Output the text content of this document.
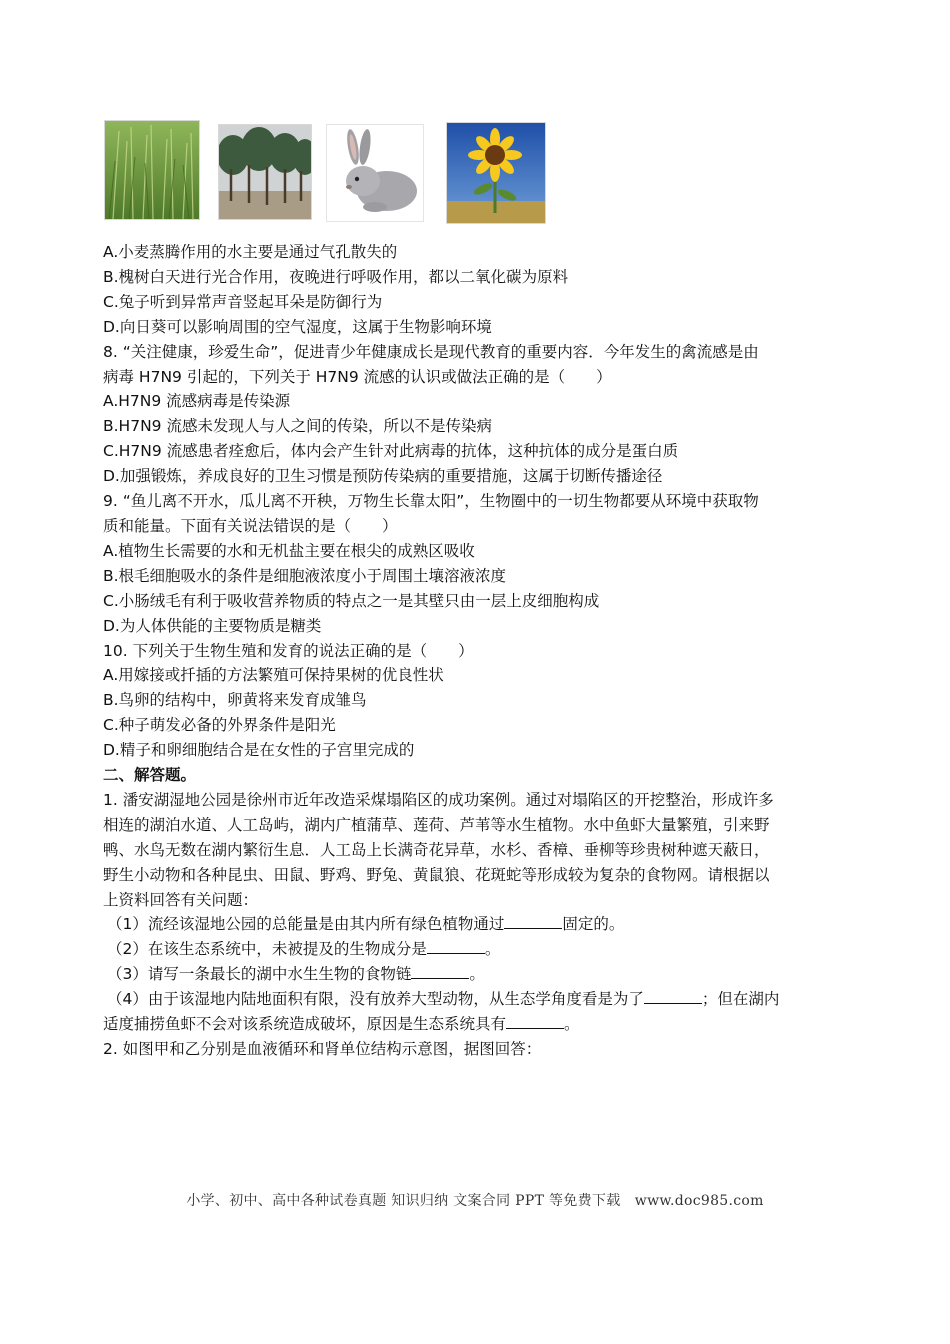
A.小麦蒸腾作用的水主要是通过气孔散失的
B.槐树白天进行光合作用，夜晚进行呼吸作用，都以二氧化碳为原料
C.兔子听到异常声音竖起耳朵是防御行为
D.向日葵可以影响周围的空气湿度，这属于生物影响环境
8. “关注健康，珍爱生命”，促进青少年健康成长是现代教育的重要内容．今年发生的禽流感是由
病毒 H7N9 引起的，下列关于 H7N9 流感的认识或做法正确的是（　　）
A.H7N9 流感病毒是传染源
B.H7N9 流感未发现人与人之间的传染，所以不是传染病
C.H7N9 流感患者痊愈后，体内会产生针对此病毒的抗体，这种抗体的成分是蛋白质
D.加强锻炼，养成良好的卫生习惯是预防传染病的重要措施，这属于切断传播途径
9. “鱼儿离不开水，瓜儿离不开秧，万物生长靠太阳”，生物圈中的一切生物都要从环境中获取物
质和能量。下面有关说法错误的是（　　）
A.植物生长需要的水和无机盐主要在根尖的成熟区吸收
B.根毛细胞吸水的条件是细胞液浓度小于周围土壤溶液浓度
C.小肠绒毛有利于吸收营养物质的特点之一是其壁只由一层上皮细胞构成
D.为人体供能的主要物质是糖类
10. 下列关于生物生殖和发育的说法正确的是（　　）
A.用嫁接或扦插的方法繁殖可保持果树的优良性状
B.鸟卵的结构中，卵黄将来发育成雏鸟
C.种子萌发必备的外界条件是阳光
D.精子和卵细胞结合是在女性的子宫里完成的
二、解答题。
1. 潘安湖湿地公园是徐州市近年改造采煤塌陷区的成功案例。通过对塌陷区的开挖整治，形成许多
相连的湖泊水道、人工岛屿，湖内广植蒲草、莲荷、芦苇等水生植物。水中鱼虾大量繁殖，引来野
鸭、水鸟无数在湖内繁衍生息．人工岛上长满奇花异草，水杉、香樟、垂柳等珍贵树种遮天蔽日，
野生小动物和各种昆虫、田鼠、野鸡、野兔、黄鼠狼、花斑蛇等形成较为复杂的食物网。请根据以
上资料回答有关问题：
（1）流经该湿地公园的总能量是由其内所有绿色植物通过	固定的。
（2）在该生态系统中，未被提及的生物成分是	。
（3）请写一条最长的湖中水生生物的食物链	。
（4）由于该湿地内陆地面积有限，没有放养大型动物，从生态学角度看是为了	；但在湖内
适度捕捞鱼虾不会对该系统造成破坏，原因是生态系统具有	。
2. 如图甲和乙分别是血液循环和肾单位结构示意图，据图回答：
小学、初中、高中各种试卷真题 知识归纳 文案合同 PPT 等免费下载　www.doc985.com
